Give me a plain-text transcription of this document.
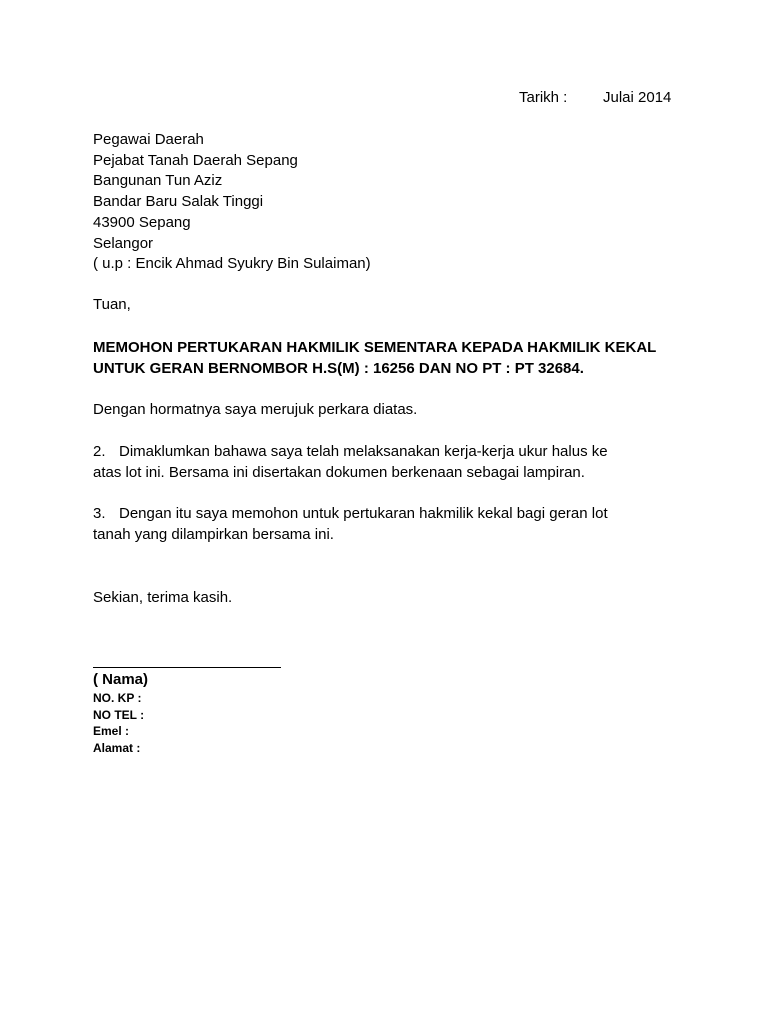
Tarikh : Julai 2014
Pegawai Daerah
Pejabat Tanah Daerah Sepang
Bangunan Tun Aziz
Bandar Baru Salak Tinggi
43900 Sepang
Selangor
( u.p : Encik Ahmad Syukry Bin Sulaiman)
Tuan,
MEMOHON PERTUKARAN HAKMILIK SEMENTARA KEPADA HAKMILIK KEKAL
UNTUK GERAN BERNOMBOR H.S(M) : 16256 DAN NO PT : PT 32684.
Dengan hormatnya saya merujuk perkara diatas.
2. Dimaklumkan bahawa saya telah melaksanakan kerja-kerja ukur halus ke
atas lot ini. Bersama ini disertakan dokumen berkenaan sebagai lampiran.
3. Dengan itu saya memohon untuk pertukaran hakmilik kekal bagi geran lot
tanah yang dilampirkan bersama ini.
Sekian, terima kasih.
( Nama)
NO. KP :
NO TEL :
Emel :
Alamat :
